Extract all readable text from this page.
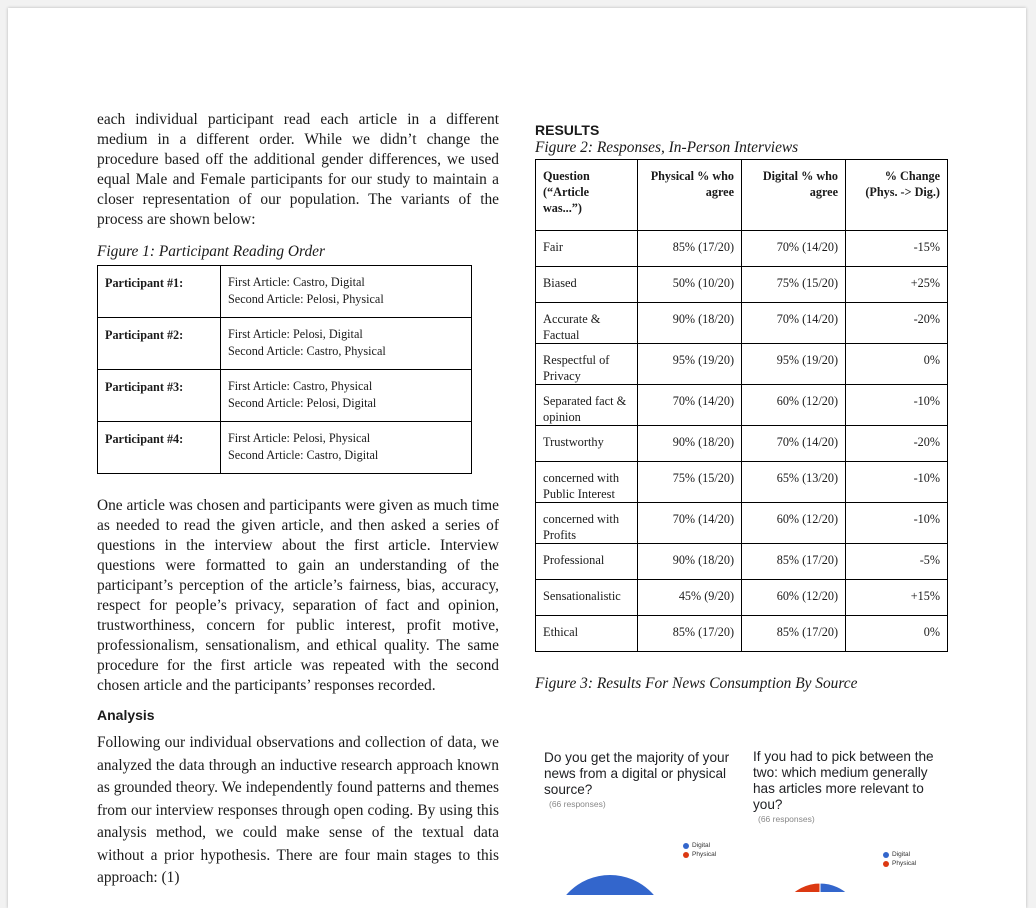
each individual participant read each article in a different medium in a different order. While we didn’t change the procedure based off the additional gender differences, we used equal Male and Female participants for our study to maintain a closer representation of our population. The variants of the process are shown below:

Figure 1: Participant Reading Order

Participant #1:	First Article: Castro, Digital
Second Article: Pelosi, Physical

Participant #2:	First Article: Pelosi, Digital
Second Article: Castro, Physical

Participant #3:	First Article: Castro, Physical
Second Article: Pelosi, Digital

Participant #4:	First Article: Pelosi, Physical
Second Article: Castro, Digital

One article was chosen and participants were given as much time as needed to read the given article, and then asked a series of questions in the interview about the first article. Interview questions were formatted to gain an understanding of the participant’s perception of the article’s fairness, bias, accuracy, respect for people’s privacy, separation of fact and opinion, trustworthiness, concern for public interest, profit motive, professionalism, sensationalism, and ethical quality. The same procedure for the first article was repeated with the second chosen article and the participants’ responses recorded.

Analysis

Following our individual observations and collection of data, we analyzed the data through an inductive research approach known as grounded theory. We independently found patterns and themes from our interview responses through open coding. By using this analysis method, we could make sense of the textual data without a prior hypothesis. There are four main stages to this approach: (1)

RESULTS

Figure 2: Responses, In-Person Interviews

Question (“Article was...”)	Physical % who agree	Digital % who agree	% Change (Phys. -> Dig.)
Fair	85% (17/20)	70% (14/20)	-15%
Biased	50% (10/20)	75% (15/20)	+25%
Accurate & Factual	90% (18/20)	70% (14/20)	-20%
Respectful of Privacy	95% (19/20)	95% (19/20)	0%
Separated fact & opinion	70% (14/20)	60% (12/20)	-10%
Trustworthy	90% (18/20)	70% (14/20)	-20%
concerned with Public Interest	75% (15/20)	65% (13/20)	-10%
concerned with Profits	70% (14/20)	60% (12/20)	-10%
Professional	90% (18/20)	85% (17/20)	-5%
Sensationalistic	45% (9/20)	60% (12/20)	+15%
Ethical	85% (17/20)	85% (17/20)	0%

Figure 3: Results For News Consumption By Source

Do you get the majority of your news from a digital or physical source?

(66 responses)

If you had to pick between the two: which medium generally has articles more relevant to you?

(66 responses)

Digital
Physical	Digital
Physical
